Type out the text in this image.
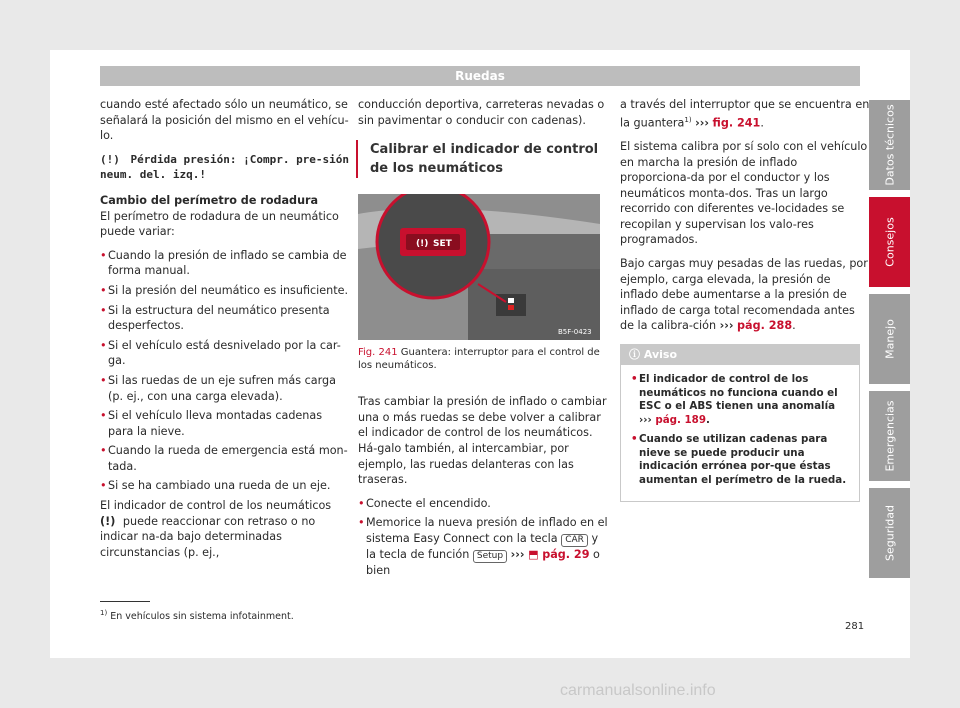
Ruedas

cuando esté afectado sólo un neumático, se señalará la posición del mismo en el vehícu-lo.

(!) Pérdida presión: ¡Compr. pre-sión neum. del. izq.!
Cambio del perímetro de rodadura

El perímetro de rodadura de un neumático puede variar:

• Cuando la presión de inflado se cambia de forma manual.
• Si la presión del neumático es insuficiente.
• Si la estructura del neumático presenta desperfectos.
• Si el vehículo está desnivelado por la car-ga.
• Si las ruedas de un eje sufren más carga (p. ej., con una carga elevada).
• Si el vehículo lleva montadas cadenas para la nieve.
• Cuando la rueda de emergencia está mon-tada.
• Si se ha cambiado una rueda de un eje.

El indicador de control de los neumáticos (!) puede reaccionar con retraso o no indicar na-da bajo determinadas circunstancias (p. ej.,

conducción deportiva, carreteras nevadas o sin pavimentar o conducir con cadenas).

Calibrar el indicador de control de los neumáticos
(!) SET
B5F-0423
Fig. 241 Guantera: interruptor para el control de los neumáticos.

Tras cambiar la presión de inflado o cambiar una o más ruedas se debe volver a calibrar el indicador de control de los neumáticos. Há-galo también, al intercambiar, por ejemplo, las ruedas delanteras con las traseras.

• Conecte el encendido.
• Memorice la nueva presión de inflado en el sistema Easy Connect con la tecla CAR y la tecla de función Setup ››› ⬒ pág. 29 o bien

a través del interruptor que se encuentra en la guantera$^{1)}$ ››› fig. 241.

El sistema calibra por sí solo con el vehículo en marcha la presión de inflado proporciona-da por el conductor y los neumáticos monta-dos. Tras un largo recorrido con diferentes ve-locidades se recopilan y supervisan los valo-res programados.

Bajo cargas muy pesadas de las ruedas, por ejemplo, carga elevada, la presión de inflado debe aumentarse a la presión de inflado de carga total recomendada antes de la calibra-ción ››› pág. 288.

ⓘ Aviso
• El indicador de control de los neumáticos no funciona cuando el ESC o el ABS tienen una anomalía ››› pág. 189.
• Cuando se utilizan cadenas para nieve se puede producir una indicación errónea por-que éstas aumentan el perímetro de la rueda.
Datos técnicos
Consejos
Manejo
Emergencias
Seguridad
$^{1)}$ En vehículos sin sistema infotainment.
281
carmanualsonline.info
